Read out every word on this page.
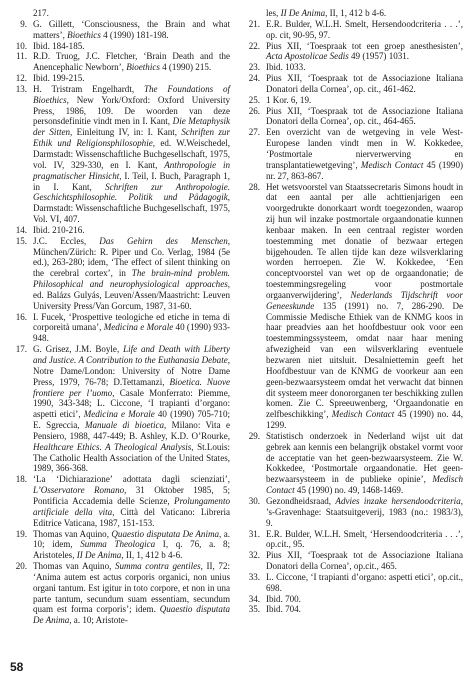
217.

9. G. Gillett, ‘Consciousness, the Brain and what matters’, Bioethics 4 (1990) 181-198.

10. Ibid. 184-185.

11. R.D. Truog, J.C. Fletcher, ‘Brain Death and the Anencephalic Newborn’, Bioethics 4 (1990) 215.

12. Ibid. 199-215.

13. H. Tristram Engelhardt, The Foundations of Bioethics, New York/Oxford: Oxford University Press, 1986, 109. De woorden van deze personsdefinitie vindt men in I. Kant, Die Metaphysik der Sitten, Einleitung IV, in: I. Kant, Schriften zur Ethik und Religionsphilosophie, ed. W.Weischedel, Darmstadt: Wissenschaftliche Buchgesellschaft, 1975, vol. IV, 329-330, en I. Kant, Anthropologie in pragmatischer Hinsicht, I. Teil, I. Buch, Paragraph 1, in I. Kant, Schriften zur Anthropologie. Geschichtsphilosophie. Politik und Pädagogik, Darmstadt: Wissenschaftliche Buchgesellschaft, 1975, Vol. VI, 407.

14. Ibid. 210-216.

15. J.C. Eccles, Das Gehirn des Menschen, München/Zürich: R. Piper und Co. Verlag, 1984 (5e ed.), 263-280; idem, ‘The effect of silent thinking on the cerebral cortex’, in The brain-mind problem. Philosophical and neurophysiological approaches, ed. Balázs Gulyás, Leuven/Assen/Maastricht: Leuven University Press/Van Gorcum, 1987, 31-60.

16. I. Fucek, ‘Prospettive teologiche ed etiche in tema di corporeità umana’, Medicina e Morale 40 (1990) 933-948.

17. G. Grisez, J.M. Boyle, Life and Death with Liberty and Justice. A Contribution to the Euthanasia Debate, Notre Dame/London: University of Notre Dame Press, 1979, 76-78; D.Tettamanzi, Bioetica. Nuove frontiere per l’uomo, Casale Monferrato: Piemme, 1990, 343-348; L. Ciccone, ‘I trapianti d’organo: aspetti etici’, Medicina e Morale 40 (1990) 705-710; E. Sgreccia, Manuale di bioetica, Milano: Vita e Pensiero, 1988, 447-449; B. Ashley, K.D. O’Rourke, Healthcare Ethics. A Theological Analysis, St.Louis: The Catholic Health Association of the United States, 1989, 366-368.

18. ‘La ‘Dichiarazione’ adottata dagli scienziati’, L’Osservatore Romano, 31 Oktober 1985, 5; Pontificia Accademia delle Scienze, Prolungamento artificiale della vita, Città del Vaticano: Libreria Editrice Vaticana, 1987, 151-153.

19. Thomas van Aquino, Quaestio disputata De Anima, a. 10; idem, Summa Theologica I, q. 76, a. 8; Aristoteles, II De Anima, II, 1, 412 b 4-6.

20. Thomas van Aquino, Summa contra gentiles, II, 72: ‘Anima autem est actus corporis organici, non unius organi tantum. Est igitur in toto corpore, et non in una parte tantum, secundum suam essentiam, secundum quam est forma corporis’; idem. Quaestio disputata De Anima, a. 10; Aristote-

les, II De Anima, II, 1, 412 b 4-6.

21. E.R. Bulder, W.L.H. Smelt, Hersendoodcriteria . . .’, op. cit, 90-95, 97.

22. Pius XII, ‘Toespraak tot een groep anesthesisten’, Acta Apostolicae Sedis 49 (1957) 1031.

23. Ibid. 1033.

24. Pius XII, ‘Toespraak tot de Associazione Italiana Donatori della Cornea’, op. cit., 461-462.

25. 1 Kor. 6, 19.

26. Pius XII, ‘Toespraak tot de Associazione Italiana Donatori della Cornea’, op. cit., 464-465.

27. Een overzicht van de wetgeving in vele West-Europese landen vindt men in W. Kokkedee, ‘Postmortale nierverwerving en transplantatiewetgeving’, Medisch Contact 45 (1990) nr. 27, 863-867.

28. Het wetsvoorstel van Staatssecretaris Simons houdt in dat een aantal per alle achttienjarigen een voorgedrukte donorkaart wordt toegezonden, waarop zij hun wil inzake postmortale orgaandonatie kunnen kenbaar maken. In een centraal register worden toestemming met donatie of bezwaar ertegen bijgehouden. Te allen tijde kan deze wilsverklaring worden herroepen. Zie W. Kokkedee, ‘Een conceptvoorstel van wet op de orgaandonatie; de toestemmingsregeling voor postmortale orgaanverwijdering’, Nederlands Tijdschrift voor Geneeskunde 135 (1991) no. 7, 286-290. De Commissie Medische Ethiek van de KNMG koos in haar preadvies aan het hoofdbestuur ook voor een toestemmingssysteem, omdat naar haar mening afwezigheid van een wilsverklaring eventuele bezwaren niet uitsluit. Desalniettemin geeft het Hoofdbestuur van de KNMG de voorkeur aan een geen-bezwaarsysteem omdat het verwacht dat binnen dit systeem meer donororganen ter beschikking zullen komen. Zie C. Spreeuwenberg, ‘Orgaandonatie en zelfbeschikking’, Medisch Contact 45 (1990) no. 44, 1299.

29. Statistisch onderzoek in Nederland wijst uit dat gebrek aan kennis een belangrijk obstakel vormt voor de acceptatie van het geen-bezwaarsysteem. Zie W. Kokkedee, ‘Postmortale orgaandonatie. Het geen-bezwaarsysteem in de publieke opinie’, Medisch Contact 45 (1990) no. 49, 1468-1469.

30. Gezondheidsraad, Advies inzake hersendoodcriteria, ’s-Gravenhage: Staatsuitgeverij, 1983 (no.: 1983/3), 9.

31. E.R. Bulder, W.L.H. Smelt, ‘Hersendoodcriteria . . .’, op.cit., 95.

32. Pius XII, ‘Toespraak tot de Associazione Italiana Donatori della Cornea’, op.cit., 465.

33. L. Ciccone, ‘I trapianti d’organo: aspetti etici’, op.cit., 698.

34. Ibid. 700.

35. Ibid. 704.

58
